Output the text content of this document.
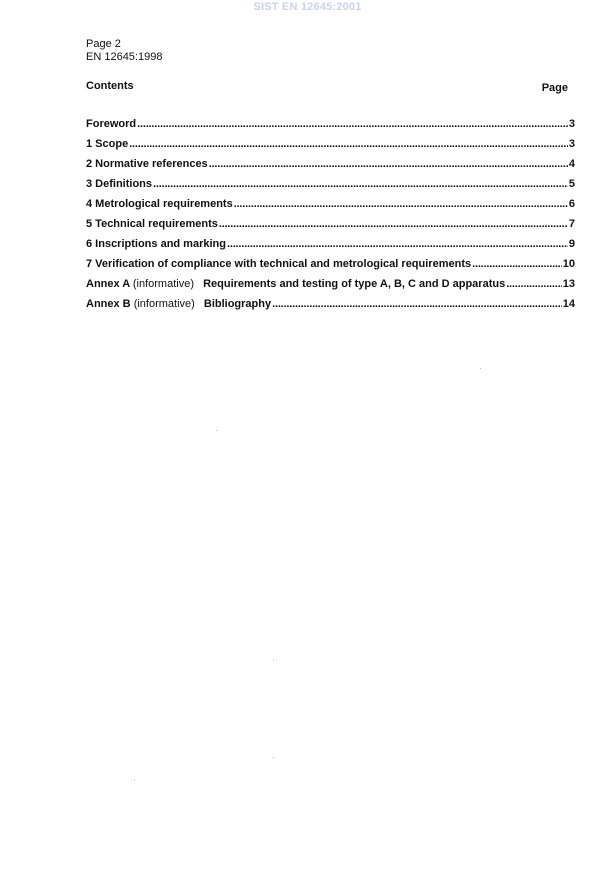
SIST EN 12645:2001
Page 2
EN 12645:1998
Contents	Page
Foreword .....	3
1 Scope .....	3
2 Normative references .....	4
3 Definitions .....	5
4 Metrological requirements .....	6
5 Technical requirements .....	7
6 Inscriptions and marking .....	9
7 Verification of compliance with technical and metrological requirements .....	10
Annex A (informative) Requirements and testing of type A, B, C and D apparatus .....	13
Annex B (informative) Bibliography .....	14
